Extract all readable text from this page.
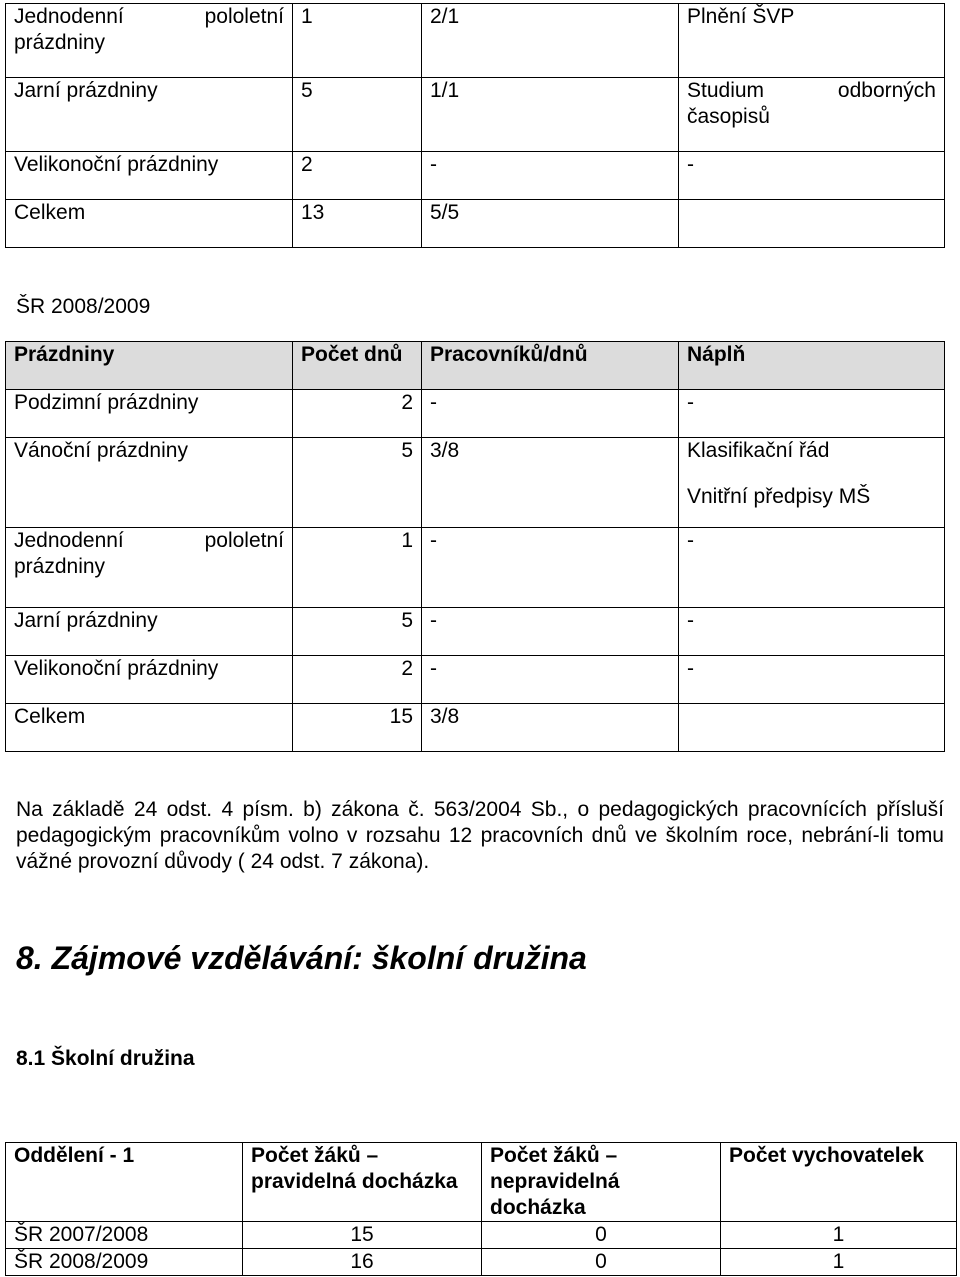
Jednodenní pololetní
prázdniny	1	2/1	Plnění ŠVP
Jarní prázdniny	5	1/1	Studium odborných
časopisů

Velikonoční prázdniny	2	-	-
Celkem	13	5/5	
ŠR 2008/2009
Prázdniny	Počet dnů	Pracovníků/dnů	Náplň
Podzimní prázdniny	2	-	-
Vánoční prázdniny	5	3/8	Klasifikační řád
Vnitřní předpisy MŠ

Jednodenní pololetní
prázdniny	1	-	-
Jarní prázdniny	5	-	-
Velikonoční prázdniny	2	-	-
Celkem	15	3/8	

Na základě 24 odst. 4 písm. b) zákona č. 563/2004 Sb., o pedagogických pracovnících přísluší pedagogickým pracovníkům volno v rozsahu 12 pracovních dnů ve školním roce, nebrání-li tomu vážné provozní důvody ( 24 odst. 7 zákona).

8. Zájmové vzdělávání: školní družina
8.1 Školní družina
Oddělení - 1	Počet žáků – pravidelná docházka	Počet žáků – nepravidelná docházka	Počet vychovatelek
ŠR 2007/2008	15	0	1
ŠR 2008/2009	16	0	1
